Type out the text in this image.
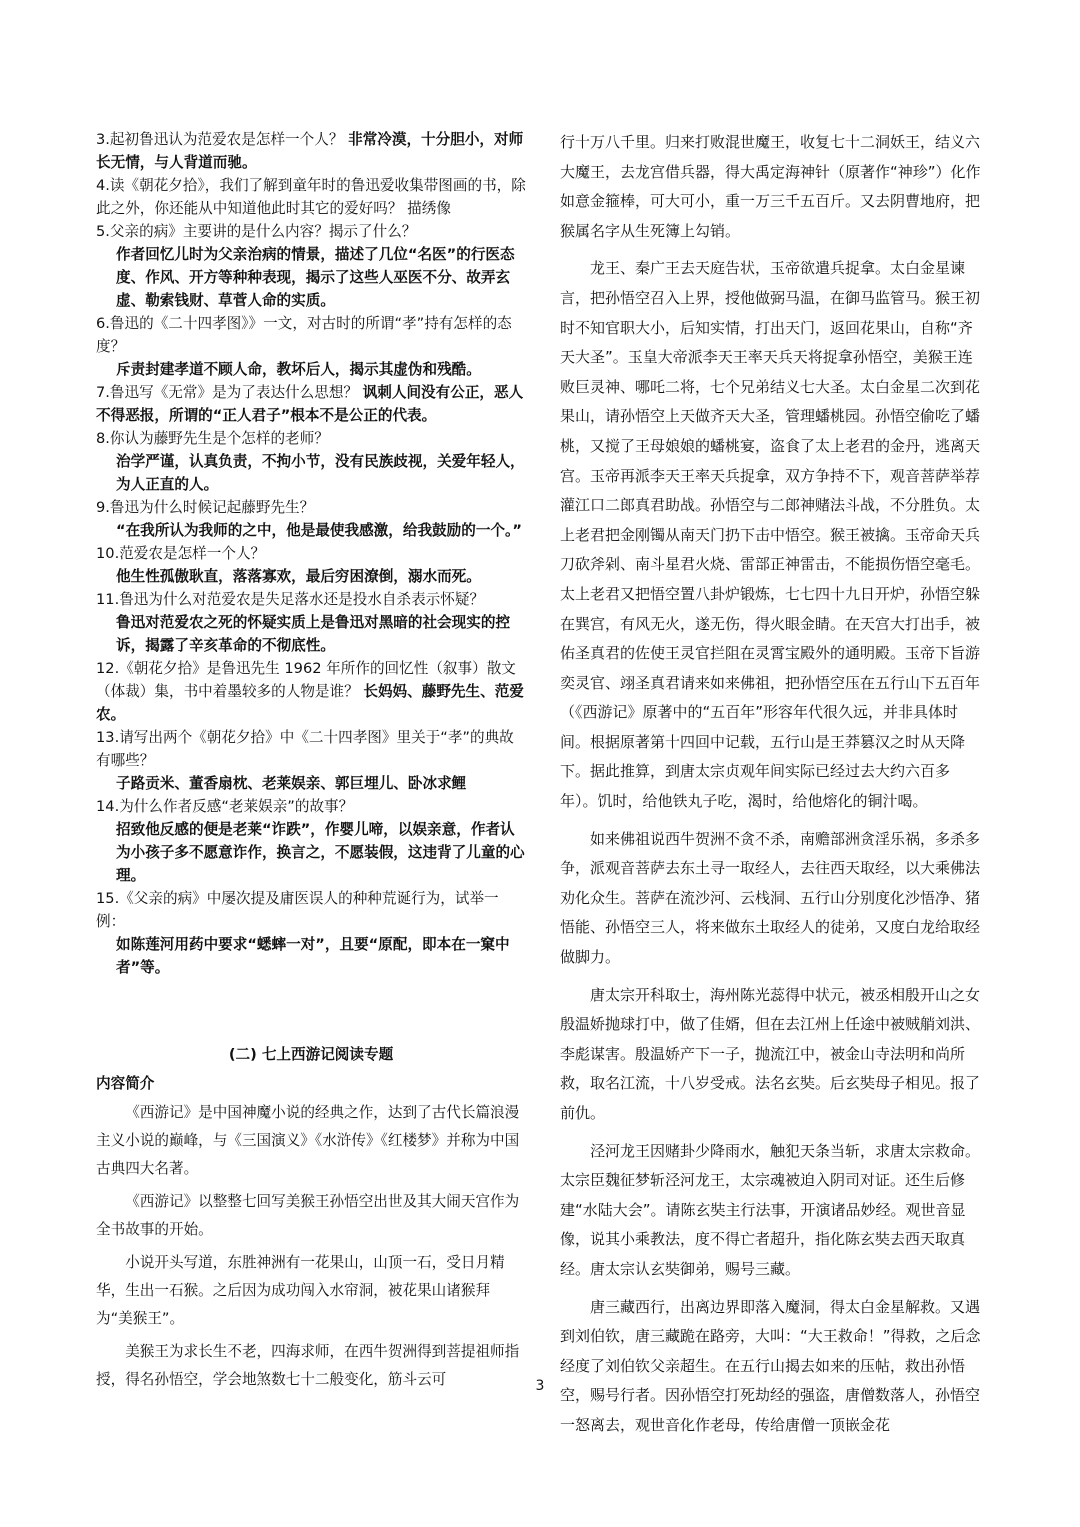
3.起初鲁迅认为范爱农是怎样一个人？ 非常冷漠，十分胆小，对师长无情，与人背道而驰。

4.读《朝花夕拾》，我们了解到童年时的鲁迅爱收集带图画的书，除此之外，你还能从中知道他此时其它的爱好吗？ 描绣像

5.父亲的病》主要讲的是什么内容？揭示了什么？

作者回忆儿时为父亲治病的情景，描述了几位“名医”的行医态度、作风、开方等种种表现，揭示了这些人巫医不分、故弄玄虚、勒索钱财、草菅人命的实质。

6.鲁迅的《二十四孝图》》一文，对古时的所谓“孝”持有怎样的态度？

斥责封建孝道不顾人命，教坏后人，揭示其虚伪和残酷。

7.鲁迅写《无常》是为了表达什么思想？ 讽刺人间没有公正，恶人不得恶报，所谓的“正人君子”根本不是公正的代表。

8.你认为藤野先生是个怎样的老师？

治学严谨，认真负责，不拘小节，没有民族歧视，关爱年轻人，为人正直的人。

9.鲁迅为什么时候记起藤野先生？

“在我所认为我师的之中，他是最使我感激，给我鼓励的一个。”

10.范爱农是怎样一个人？

他生性孤傲耿直，落落寡欢，最后穷困潦倒，溺水而死。

11.鲁迅为什么对范爱农是失足落水还是投水自杀表示怀疑？

鲁迅对范爱农之死的怀疑实质上是鲁迅对黑暗的社会现实的控诉，揭露了辛亥革命的不彻底性。

12.《朝花夕拾》是鲁迅先生 1962 年所作的回忆性（叙事）散文（体裁）集，书中着墨较多的人物是谁？ 长妈妈、藤野先生、范爱农。

13.请写出两个《朝花夕拾》中《二十四孝图》里关于“孝”的典故有哪些？

子路贡米、董香扇枕、老莱娱亲、郭巨埋儿、卧冰求鲤

14.为什么作者反感“老莱娱亲”的故事？

招致他反感的便是老莱“诈跌”，作婴儿啼，以娱亲意，作者认为小孩子多不愿意诈作，换言之，不愿装假，这违背了儿童的心理。

15.《父亲的病》中屡次提及庸医误人的种种荒诞行为，试举一例：

如陈莲河用药中要求“蟋蟀一对”，且要“原配，即本在一窠中者”等。

(二) 七上西游记阅读专题

内容简介

《西游记》是中国神魔小说的经典之作，达到了古代长篇浪漫主义小说的巅峰，与《三国演义》《水浒传》《红楼梦》并称为中国古典四大名著。

《西游记》以整整七回写美猴王孙悟空出世及其大闹天宫作为全书故事的开始。

小说开头写道，东胜神洲有一花果山，山顶一石，受日月精华，生出一石猴。之后因为成功闯入水帘洞，被花果山诸猴拜为“美猴王”。

美猴王为求长生不老，四海求师，在西牛贺洲得到菩提祖师指授，得名孙悟空，学会地煞数七十二般变化，筋斗云可

行十万八千里。归来打败混世魔王，收复七十二洞妖王，结义六大魔王，去龙宫借兵器，得大禹定海神针（原著作“神珍”）化作如意金箍棒，可大可小，重一万三千五百斤。又去阴曹地府，把猴属名字从生死簿上勾销。

龙王、秦广王去天庭告状，玉帝欲遣兵捉拿。太白金星谏言，把孙悟空召入上界，授他做弼马温，在御马监管马。猴王初时不知官职大小，后知实情，打出天门，返回花果山，自称“齐天大圣”。玉皇大帝派李天王率天兵天将捉拿孙悟空，美猴王连败巨灵神、哪吒二将，七个兄弟结义七大圣。太白金星二次到花果山，请孙悟空上天做齐天大圣，管理蟠桃园。孙悟空偷吃了蟠桃，又搅了王母娘娘的蟠桃宴，盗食了太上老君的金丹，逃离天宫。玉帝再派李天王率天兵捉拿，双方争持不下，观音菩萨举荐灌江口二郎真君助战。孙悟空与二郎神赌法斗战，不分胜负。太上老君把金刚镯从南天门扔下击中悟空。猴王被擒。玉帝命天兵刀砍斧剁、南斗星君火烧、雷部正神雷击，不能损伤悟空毫毛。太上老君又把悟空置八卦炉锻炼，七七四十九日开炉，孙悟空躲在巽宫，有风无火，遂无伤，得火眼金睛。在天宫大打出手，被佑圣真君的佐使王灵官拦阻在灵霄宝殿外的通明殿。玉帝下旨游奕灵官、翊圣真君请来如来佛祖，把孙悟空压在五行山下五百年（《西游记》原著中的“五百年”形容年代很久远，并非具体时间。根据原著第十四回中记载，五行山是王莽篡汉之时从天降下。据此推算，到唐太宗贞观年间实际已经过去大约六百多年）。饥时，给他铁丸子吃，渴时，给他熔化的铜汁喝。

如来佛祖说西牛贺洲不贪不杀，南赡部洲贪淫乐祸，多杀多争，派观音菩萨去东土寻一取经人，去往西天取经，以大乘佛法劝化众生。菩萨在流沙河、云栈洞、五行山分别度化沙悟净、猪悟能、孙悟空三人，将来做东土取经人的徒弟，又度白龙给取经做脚力。

唐太宗开科取士，海州陈光蕊得中状元，被丞相殷开山之女殷温娇抛球打中，做了佳婿，但在去江州上任途中被贼艄刘洪、李彪谋害。殷温娇产下一子，抛流江中，被金山寺法明和尚所救，取名江流，十八岁受戒。法名玄奘。后玄奘母子相见。报了前仇。

泾河龙王因赌卦少降雨水，触犯天条当斩，求唐太宗救命。太宗臣魏征梦斩泾河龙王，太宗魂被迫入阴司对证。还生后修建“水陆大会”。请陈玄奘主行法事，开演诸品妙经。观世音显像，说其小乘教法，度不得亡者超升，指化陈玄奘去西天取真经。唐太宗认玄奘御弟，赐号三藏。

唐三藏西行，出离边界即落入魔洞，得太白金星解救。又遇到刘伯钦，唐三藏跪在路旁，大叫：“大王救命！”得救，之后念经度了刘伯钦父亲超生。在五行山揭去如来的压帖，救出孙悟空，赐号行者。因孙悟空打死劫经的强盗，唐僧数落人，孙悟空一怒离去，观世音化作老母，传给唐僧一顶嵌金花

3
